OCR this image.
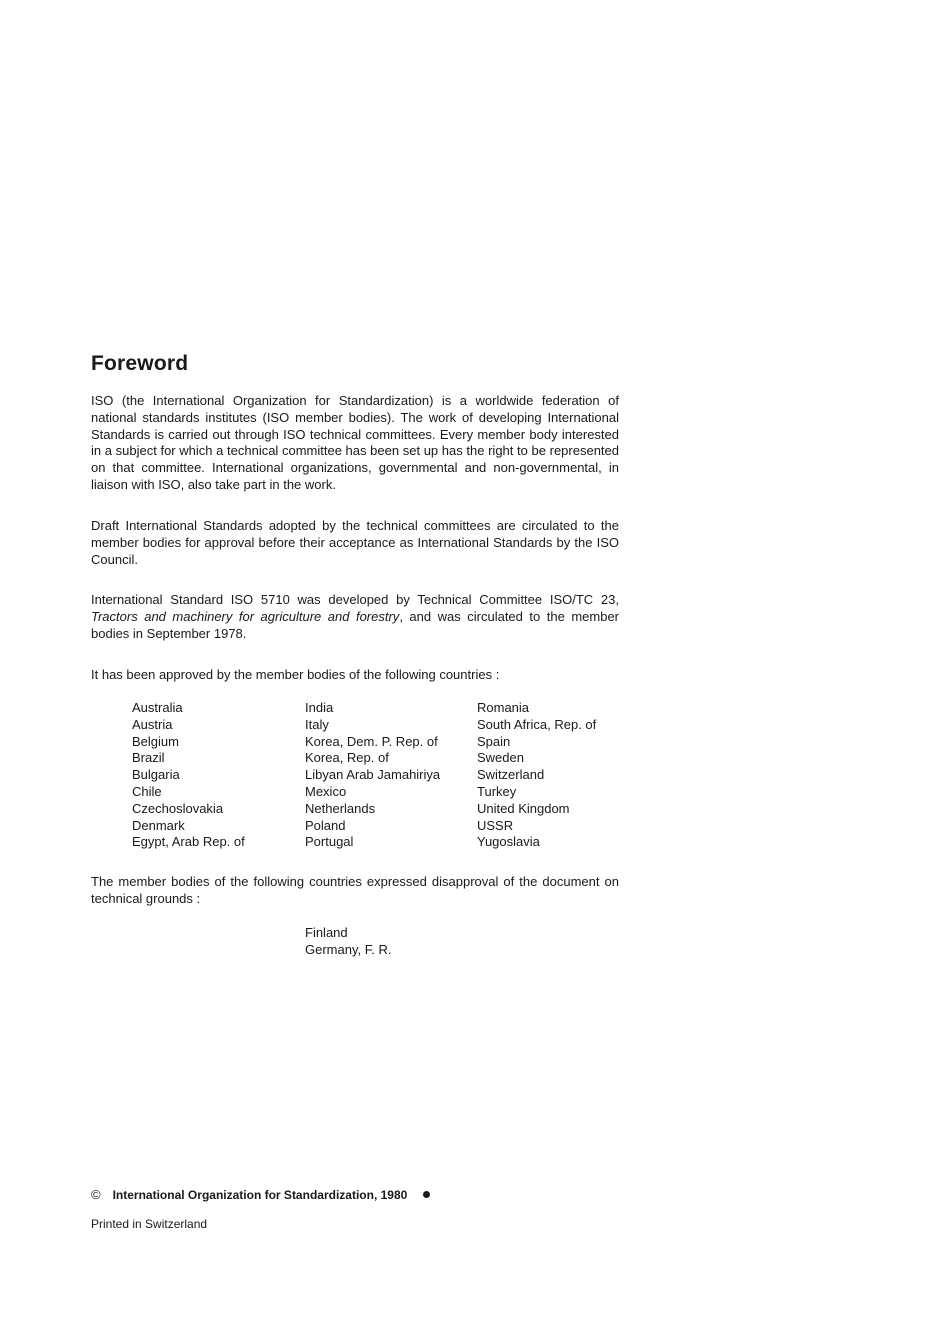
Foreword

ISO (the International Organization for Standardization) is a worldwide federation of national standards institutes (ISO member bodies). The work of developing International Standards is carried out through ISO technical committees. Every member body interested in a subject for which a technical committee has been set up has the right to be represented on that committee. International organizations, governmental and non-governmental, in liaison with ISO, also take part in the work.

Draft International Standards adopted by the technical committees are circulated to the member bodies for approval before their acceptance as International Standards by the ISO Council.

International Standard ISO 5710 was developed by Technical Committee ISO/TC 23, Tractors and machinery for agriculture and forestry, and was circulated to the member bodies in September 1978.

It has been approved by the member bodies of the following countries :

Australia
Austria
Belgium
Brazil
Bulgaria
Chile
Czechoslovakia
Denmark
Egypt, Arab Rep. of
India
Italy
Korea, Dem. P. Rep. of
Korea, Rep. of
Libyan Arab Jamahiriya
Mexico
Netherlands
Poland
Portugal
Romania
South Africa, Rep. of
Spain
Sweden
Switzerland
Turkey
United Kingdom
USSR
Yugoslavia

The member bodies of the following countries expressed disapproval of the document on technical grounds :

Finland
Germany, F. R.
© International Organization for Standardization, 1980
Printed in Switzerland
